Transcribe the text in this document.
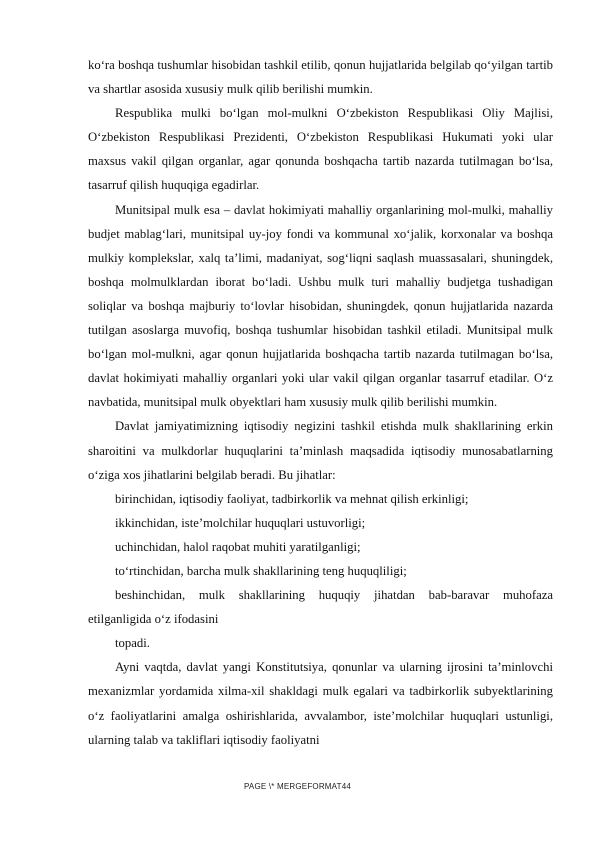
ko‘ra boshqa tushumlar hisobidan tashkil etilib, qonun hujjatlarida belgilab qo‘yilgan tartib va shartlar asosida xususiy mulk qilib berilishi mumkin.

Respublika mulki bo‘lgan mol-mulkni O‘zbekiston Respublikasi Oliy Majlisi, O‘zbekiston Respublikasi Prezidenti, O‘zbekiston Respublikasi Hukumati yoki ular maxsus vakil qilgan organlar, agar qonunda boshqacha tartib nazarda tutilmagan bo‘lsa, tasarruf qilish huquqiga egadirlar.

Munitsipal mulk esa – davlat hokimiyati mahalliy organlarining mol-mulki, mahalliy budjet mablag‘lari, munitsipal uy-joy fondi va kommunal xo‘jalik, korxonalar va boshqa mulkiy komplekslar, xalq ta’limi, madaniyat, sog‘liqni saqlash muassasalari, shuningdek, boshqa molmulklardan iborat bo‘ladi. Ushbu mulk turi mahalliy budjetga tushadigan soliqlar va boshqa majburiy to‘lovlar hisobidan, shuningdek, qonun hujjatlarida nazarda tutilgan asoslarga muvofiq, boshqa tushumlar hisobidan tashkil etiladi. Munitsipal mulk bo‘lgan mol-mulkni, agar qonun hujjatlarida boshqacha tartib nazarda tutilmagan bo‘lsa, davlat hokimiyati mahalliy organlari yoki ular vakil qilgan organlar tasarruf etadilar. O‘z navbatida, munitsipal mulk obyektlari ham xususiy mulk qilib berilishi mumkin.

Davlat jamiyatimizning iqtisodiy negizini tashkil etishda mulk shakllarining erkin sharoitini va mulkdorlar huquqlarini ta’minlash maqsadida iqtisodiy munosabatlarning o‘ziga xos jihatlarini belgilab beradi. Bu jihatlar:

birinchidan, iqtisodiy faoliyat, tadbirkorlik va mehnat qilish erkinligi;

ikkinchidan, iste’molchilar huquqlari ustuvorligi;

uchinchidan, halol raqobat muhiti yaratilganligi;

to‘rtinchidan, barcha mulk shakllarining teng huquqliligi;

beshinchidan, mulk shakllarining huquqiy jihatdan bab-baravar muhofaza etilganligida o‘z ifodasini

topadi.

Ayni vaqtda, davlat yangi Konstitutsiya, qonunlar va ularning ijrosini ta’minlovchi mexanizmlar yordamida xilma-xil shakldagi mulk egalari va tadbirkorlik subyektlarining o‘z faoliyatlarini amalga oshirishlarida, avvalambor, iste’molchilar huquqlari ustunligi, ularning talab va takliflari iqtisodiy faoliyatni

PAGE \* MERGEFORMAT44
